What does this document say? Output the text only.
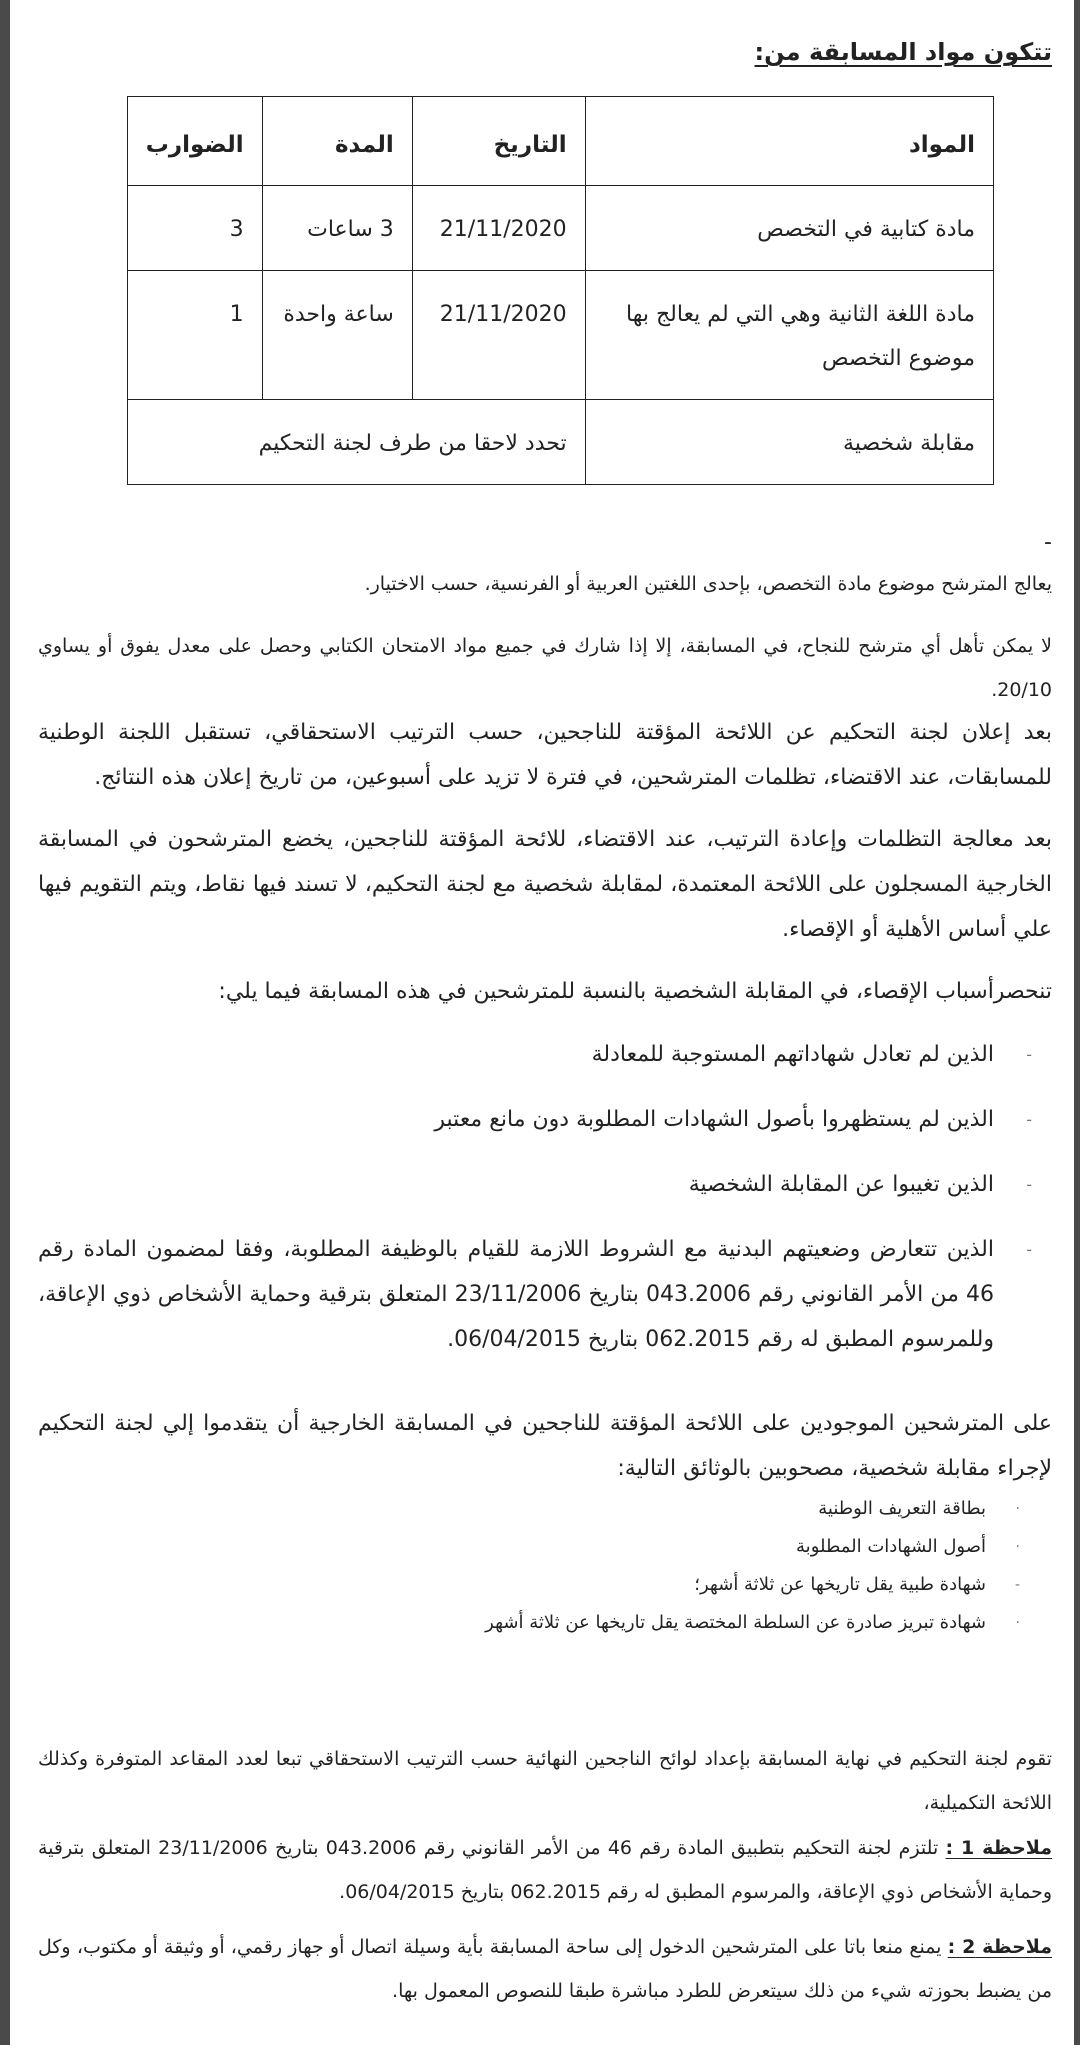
تتكون مواد المسابقة من:
المواد	التاريخ	المدة	الضوارب
مادة كتابية في التخصص	21/11/2020	3 ساعات	3
مادة اللغة الثانية وهي التي لم يعالج بها موضوع التخصص	21/11/2020	ساعة واحدة	1
مقابلة شخصية	تحدد لاحقا من طرف لجنة التحكيم		
-

يعالج المترشح موضوع مادة التخصص، بإحدى اللغتين العربية أو الفرنسية، حسب الاختيار.

لا يمكن تأهل أي مترشح للنجاح، في المسابقة، إلا إذا شارك في جميع مواد الامتحان الكتابي وحصل على معدل يفوق أو يساوي 20/10.

بعد إعلان لجنة التحكيم عن اللائحة المؤقتة للناجحين، حسب الترتيب الاستحقاقي، تستقبل اللجنة الوطنية للمسابقات، عند الاقتضاء، تظلمات المترشحين، في فترة لا تزيد على أسبوعين، من تاريخ إعلان هذه النتائج.

بعد معالجة التظلمات وإعادة الترتيب، عند الاقتضاء، للائحة المؤقتة للناجحين، يخضع المترشحون في المسابقة الخارجية المسجلون على اللائحة المعتمدة، لمقابلة شخصية مع لجنة التحكيم، لا تسند فيها نقاط، ويتم التقويم فيها علي أساس الأهلية أو الإقصاء.

تنحصرأسباب الإقصاء، في المقابلة الشخصية بالنسبة للمترشحين في هذه المسابقة فيما يلي:

-
الذين لم تعادل شهاداتهم المستوجبة للمعادلة
-
الذين لم يستظهروا بأصول الشهادات المطلوبة دون مانع معتبر
-
الذين تغيبوا عن المقابلة الشخصية
-
الذين تتعارض وضعيتهم البدنية مع الشروط اللازمة للقيام بالوظيفة المطلوبة، وفقا لمضمون المادة رقم 46 من الأمر القانوني رقم 043.2006 بتاريخ 23/11/2006 المتعلق بترقية وحماية الأشخاص ذوي الإعاقة، وللمرسوم المطبق له رقم 062.2015 بتاريخ 06/04/2015.

على المترشحين الموجودين على اللائحة المؤقتة للناجحين في المسابقة الخارجية أن يتقدموا إلي لجنة التحكيم لإجراء مقابلة شخصية، مصحوبين بالوثائق التالية:

·
بطاقة التعريف الوطنية
·
أصول الشهادات المطلوبة
-
شهادة طبية يقل تاريخها عن ثلاثة أشهر؛
·
شهادة تبريز صادرة عن السلطة المختصة يقل تاريخها عن ثلاثة أشهر

تقوم لجنة التحكيم في نهاية المسابقة بإعداد لوائح الناجحين النهائية حسب الترتيب الاستحقاقي تبعا لعدد المقاعد المتوفرة وكذلك اللائحة التكميلية،

ملاحظة 1 : تلتزم لجنة التحكيم بتطبيق المادة رقم 46 من الأمر القانوني رقم 043.2006 بتاريخ 23/11/2006 المتعلق بترقية وحماية الأشخاص ذوي الإعاقة، والمرسوم المطبق له رقم 062.2015 بتاريخ 06/04/2015.

ملاحظة 2 : يمنع منعا باتا على المترشحين الدخول إلى ساحة المسابقة بأية وسيلة اتصال أو جهاز رقمي، أو وثيقة أو مكتوب، وكل من يضبط بحوزته شيء من ذلك سيتعرض للطرد مباشرة طبقا للنصوص المعمول بها.
